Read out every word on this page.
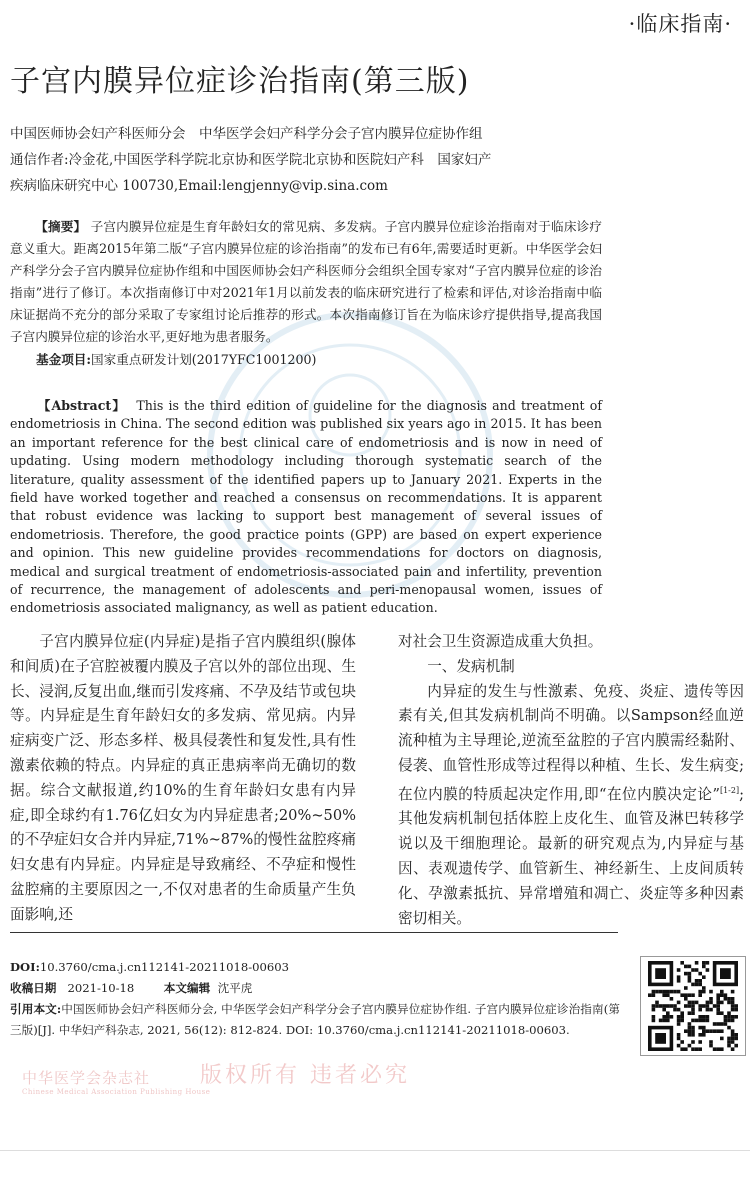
·临床指南·
子宫内膜异位症诊治指南(第三版)
中国医师协会妇产科医师分会　中华医学会妇产科学分会子宫内膜异位症协作组
通信作者:冷金花,中国医学科学院北京协和医学院北京协和医院妇产科　国家妇产
疾病临床研究中心 100730,Email:lengjenny@vip.sina.com
【摘要】 子宫内膜异位症是生育年龄妇女的常见病、多发病。子宫内膜异位症诊治指南对于临床诊疗意义重大。距离2015年第二版“子宫内膜异位症的诊治指南”的发布已有6年,需要适时更新。中华医学会妇产科学分会子宫内膜异位症协作组和中国医师协会妇产科医师分会组织全国专家对“子宫内膜异位症的诊治指南”进行了修订。本次指南修订中对2021年1月以前发表的临床研究进行了检索和评估,对诊治指南中临床证据尚不充分的部分采取了专家组讨论后推荐的形式。本次指南修订旨在为临床诊疗提供指导,提高我国子宫内膜异位症的诊治水平,更好地为患者服务。
基金项目:国家重点研发计划(2017YFC1001200)
【Abstract】 This is the third edition of guideline for the diagnosis and treatment of endometriosis in China. The second edition was published six years ago in 2015. It has been an important reference for the best clinical care of endometriosis and is now in need of updating. Using modern methodology including thorough systematic search of the literature, quality assessment of the identified papers up to January 2021. Experts in the field have worked together and reached a consensus on recommendations. It is apparent that robust evidence was lacking to support best management of several issues of endometriosis. Therefore, the good practice points (GPP) are based on expert experience and opinion. This new guideline provides recommendations for doctors on diagnosis, medical and surgical treatment of endometriosis-associated pain and infertility, prevention of recurrence, the management of adolescents and peri-menopausal women, issues of endometriosis associated malignancy, as well as patient education.

子宫内膜异位症(内异症)是指子宫内膜组织(腺体和间质)在子宫腔被覆内膜及子宫以外的部位出现、生长、浸润,反复出血,继而引发疼痛、不孕及结节或包块等。内异症是生育年龄妇女的多发病、常见病。内异症病变广泛、形态多样、极具侵袭性和复发性,具有性激素依赖的特点。内异症的真正患病率尚无确切的数据。综合文献报道,约10%的生育年龄妇女患有内异症,即全球约有1.76亿妇女为内异症患者;20%~50%的不孕症妇女合并内异症,71%~87%的慢性盆腔疼痛妇女患有内异症。内异症是导致痛经、不孕症和慢性盆腔痛的主要原因之一,不仅对患者的生命质量产生负面影响,还

对社会卫生资源造成重大负担。

一、发病机制

内异症的发生与性激素、免疫、炎症、遗传等因素有关,但其发病机制尚不明确。以Sampson经血逆流种植为主导理论,逆流至盆腔的子宫内膜需经黏附、侵袭、血管性形成等过程得以种植、生长、发生病变;在位内膜的特质起决定作用,即“在位内膜决定论”[1-2];其他发病机制包括体腔上皮化生、血管及淋巴转移学说以及干细胞理论。最新的研究观点为,内异症与基因、表观遗传学、血管新生、神经新生、上皮间质转化、孕激素抵抗、异常增殖和凋亡、炎症等多种因素密切相关。

DOI:10.3760/cma.j.cn112141-20211018-00603
收稿日期 2021-10-18	本文编辑 沈平虎
引用本文:中国医师协会妇产科医师分会, 中华医学会妇产科学分会子宫内膜异位症协作组. 子宫内膜异位症诊治指南(第三版)[J]. 中华妇产科杂志, 2021, 56(12): 812-824. DOI: 10.3760/cma.j.cn112141-20211018-00603.
中华医学会杂志社
Chinese Medical Association Publishing House
版权所有 违者必究
